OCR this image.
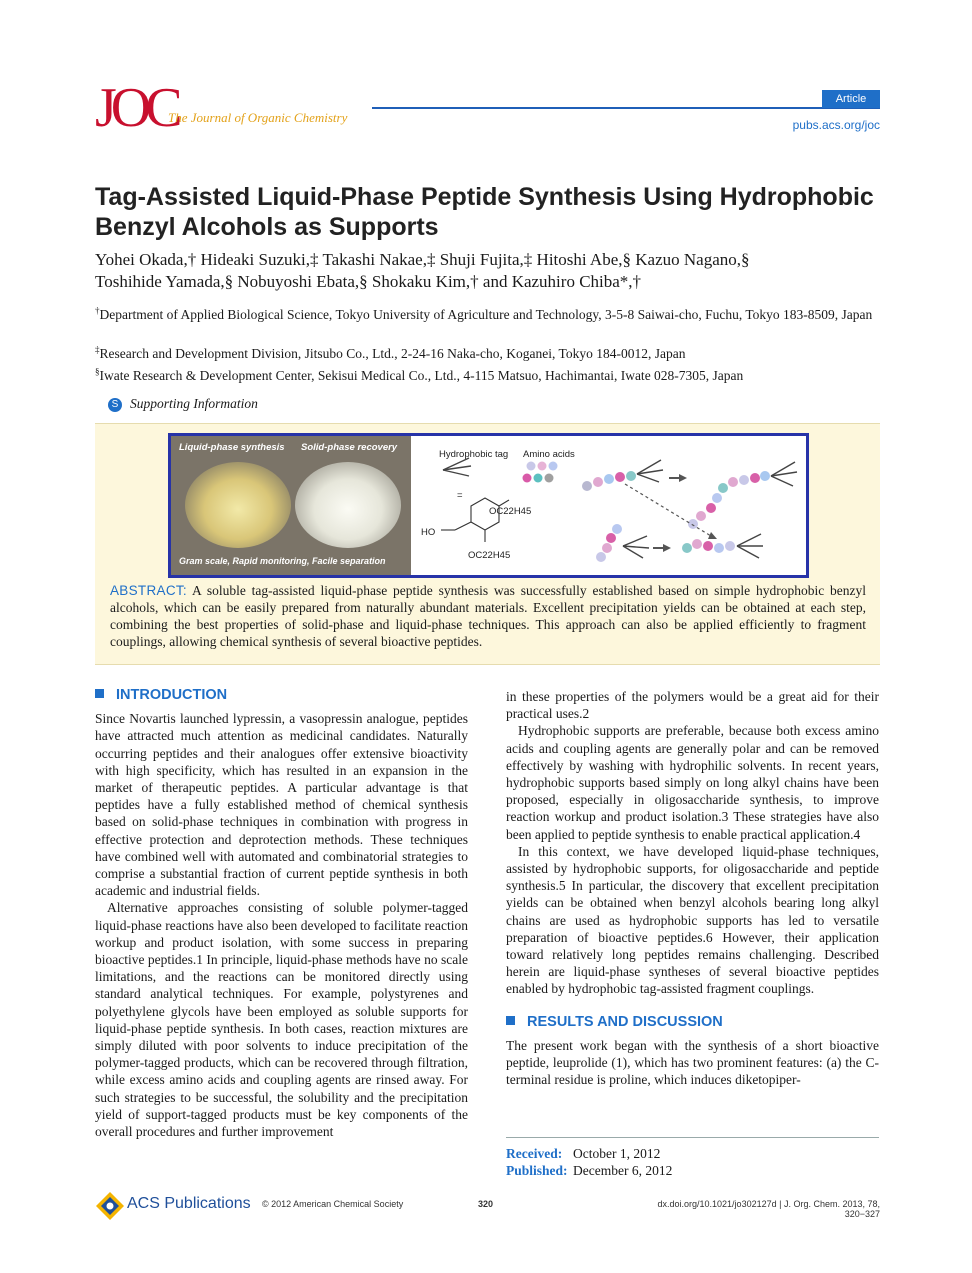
JOC
The Journal of Organic Chemistry
Article
pubs.acs.org/joc
Tag-Assisted Liquid-Phase Peptide Synthesis Using Hydrophobic Benzyl Alcohols as Supports
Yohei Okada,† Hideaki Suzuki,‡ Takashi Nakae,‡ Shuji Fujita,‡ Hitoshi Abe,§ Kazuo Nagano,§
Toshihide Yamada,§ Nobuyoshi Ebata,§ Shokaku Kim,† and Kazuhiro Chiba*,†
†Department of Applied Biological Science, Tokyo University of Agriculture and Technology, 3-5-8 Saiwai-cho, Fuchu, Tokyo 183-8509, Japan
‡Research and Development Division, Jitsubo Co., Ltd., 2-24-16 Naka-cho, Koganei, Tokyo 184-0012, Japan
§Iwate Research & Development Center, Sekisui Medical Co., Ltd., 4-115 Matsuo, Hachimantai, Iwate 028-7305, Japan
S Supporting Information
Liquid-phase synthesis Solid-phase recovery
Gram scale, Rapid monitoring, Facile separation
Hydrophobic tag Amino acids
=
HO
OC22H45
OC22H45
ABSTRACT: A soluble tag-assisted liquid-phase peptide synthesis was successfully established based on simple hydrophobic benzyl alcohols, which can be easily prepared from naturally abundant materials. Excellent precipitation yields can be obtained at each step, combining the best properties of solid-phase and liquid-phase techniques. This approach can also be applied efficiently to fragment couplings, allowing chemical synthesis of several bioactive peptides.
INTRODUCTION

Since Novartis launched lypressin, a vasopressin analogue, peptides have attracted much attention as medicinal candidates. Naturally occurring peptides and their analogues offer extensive bioactivity with high specificity, which has resulted in an expansion in the market of therapeutic peptides. A particular advantage is that peptides have a fully established method of chemical synthesis based on solid-phase techniques in combination with progress in effective protection and deprotection methods. These techniques have combined well with automated and combinatorial strategies to comprise a substantial fraction of current peptide synthesis in both academic and industrial fields.

Alternative approaches consisting of soluble polymer-tagged liquid-phase reactions have also been developed to facilitate reaction workup and product isolation, with some success in preparing bioactive peptides.1 In principle, liquid-phase methods have no scale limitations, and the reactions can be monitored directly using standard analytical techniques. For example, polystyrenes and polyethylene glycols have been employed as soluble supports for liquid-phase peptide synthesis. In both cases, reaction mixtures are simply diluted with poor solvents to induce precipitation of the polymer-tagged products, which can be recovered through filtration, while excess amino acids and coupling agents are rinsed away. For such strategies to be successful, the solubility and the precipitation yield of support-tagged products must be key components of the overall procedures and further improvement

in these properties of the polymers would be a great aid for their practical uses.2

Hydrophobic supports are preferable, because both excess amino acids and coupling agents are generally polar and can be removed effectively by washing with hydrophilic solvents. In recent years, hydrophobic supports based simply on long alkyl chains have been proposed, especially in oligosaccharide synthesis, to improve reaction workup and product isolation.3 These strategies have also been applied to peptide synthesis to enable practical application.4

In this context, we have developed liquid-phase techniques, assisted by hydrophobic supports, for oligosaccharide and peptide synthesis.5 In particular, the discovery that excellent precipitation yields can be obtained when benzyl alcohols bearing long alkyl chains are used as hydrophobic supports has led to versatile preparation of bioactive peptides.6 However, their application toward relatively long peptides remains challenging. Described herein are liquid-phase syntheses of several bioactive peptides enabled by hydrophobic tag-assisted fragment couplings.

RESULTS AND DISCUSSION

The present work began with the synthesis of a short bioactive peptide, leuprolide (1), which has two prominent features: (a) the C-terminal residue is proline, which induces diketopiper-

Received: October 1, 2012
Published: December 6, 2012
ACS Publications © 2012 American Chemical Society	320	dx.doi.org/10.1021/jo302127d | J. Org. Chem. 2013, 78, 320−327
